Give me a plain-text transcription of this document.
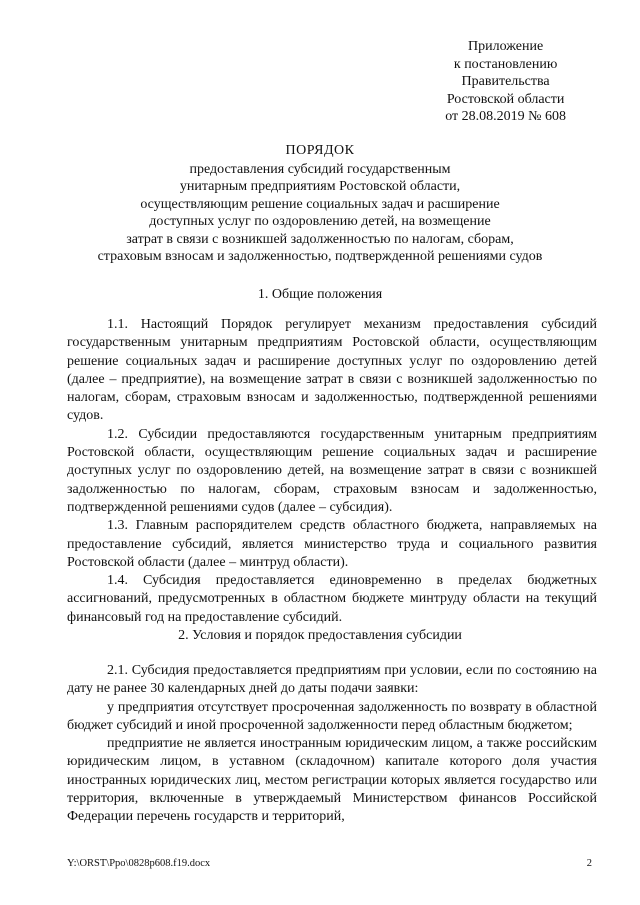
Приложение
к постановлению
Правительства
Ростовской области
от 28.08.2019 № 608
ПОРЯДОК
предоставления субсидий государственным
унитарным предприятиям Ростовской области,
осуществляющим решение социальных задач и расширение
доступных услуг по оздоровлению детей, на возмещение
затрат в связи с возникшей задолженностью по налогам, сборам,
страховым взносам и задолженностью, подтвержденной решениями судов
1. Общие положения

1.1. Настоящий Порядок регулирует механизм предоставления субсидий государственным унитарным предприятиям Ростовской области, осуществляющим решение социальных задач и расширение доступных услуг по оздоровлению детей (далее – предприятие), на возмещение затрат в связи с возникшей задолженностью по налогам, сборам, страховым взносам и задолженностью, подтвержденной решениями судов.

1.2. Субсидии предоставляются государственным унитарным предприятиям Ростовской области, осуществляющим решение социальных задач и расширение доступных услуг по оздоровлению детей, на возмещение затрат в связи с возникшей задолженностью по налогам, сборам, страховым взносам и задолженностью, подтвержденной решениями судов (далее – субсидия).

1.3. Главным распорядителем средств областного бюджета, направляемых на предоставление субсидий, является министерство труда и социального развития Ростовской области (далее – минтруд области).

1.4. Субсидия предоставляется единовременно в пределах бюджетных ассигнований, предусмотренных в областном бюджете минтруду области на текущий финансовый год на предоставление субсидий.

2. Условия и порядок предоставления субсидии

2.1. Субсидия предоставляется предприятиям при условии, если по состоянию на дату не ранее 30 календарных дней до даты подачи заявки:

у предприятия отсутствует просроченная задолженность по возврату в областной бюджет субсидий и иной просроченной задолженности перед областным бюджетом;

предприятие не является иностранным юридическим лицом, а также российским юридическим лицом, в уставном (складочном) капитале которого доля участия иностранных юридических лиц, местом регистрации которых является государство или территория, включенные в утверждаемый Министерством финансов Российской Федерации перечень государств и территорий,

Y:\ORST\Ppo\0828p608.f19.docx	2
